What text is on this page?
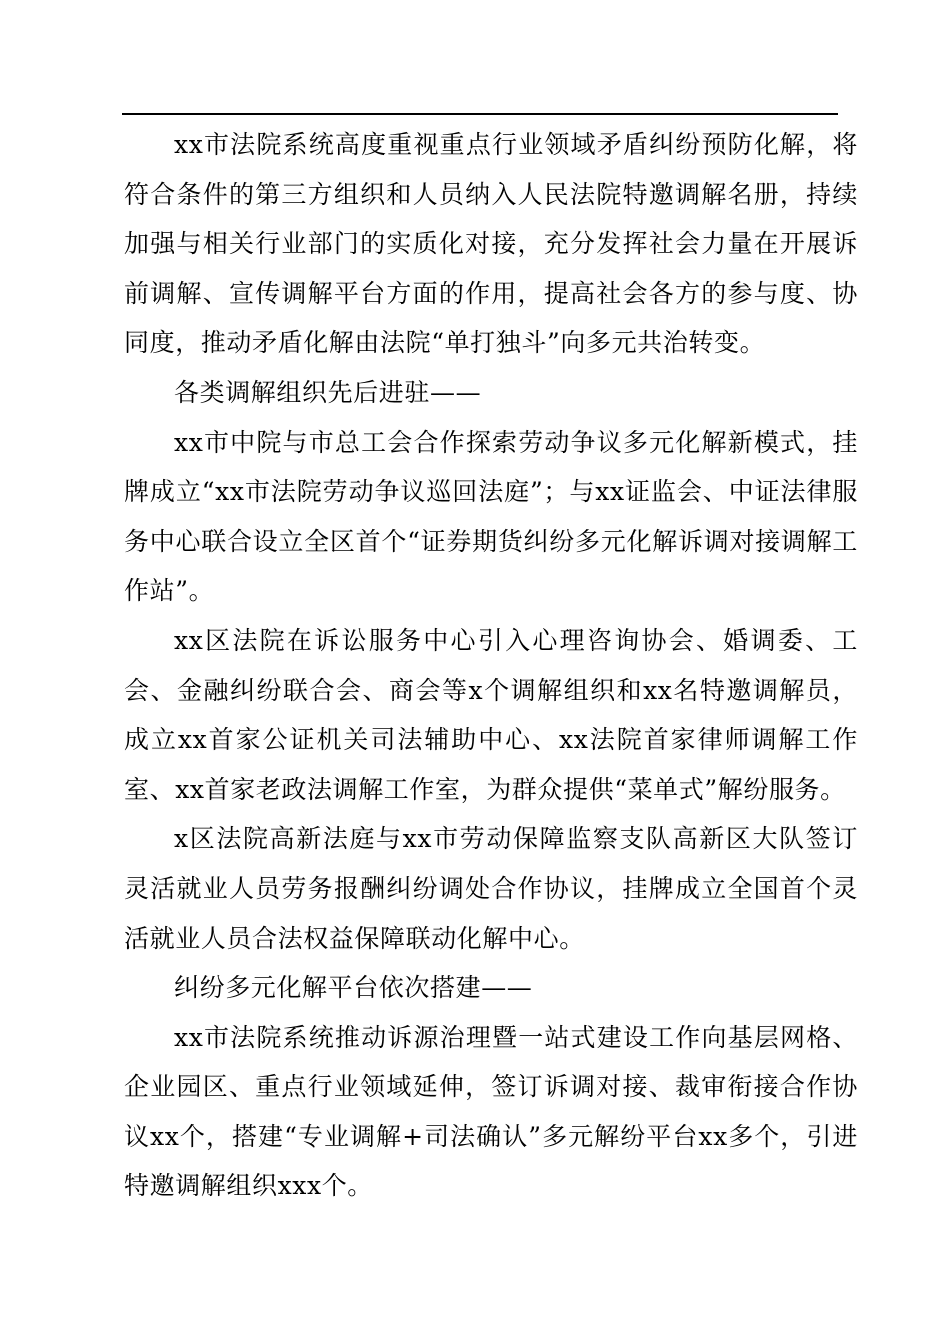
xx市法院系统高度重视重点行业领域矛盾纠纷预防化解，将符合条件的第三方组织和人员纳入人民法院特邀调解名册，持续加强与相关行业部门的实质化对接，充分发挥社会力量在开展诉前调解、宣传调解平台方面的作用，提高社会各方的参与度、协同度，推动矛盾化解由法院“单打独斗”向多元共治转变。

各类调解组织先后进驻——

xx市中院与市总工会合作探索劳动争议多元化解新模式，挂牌成立“xx市法院劳动争议巡回法庭”；与xx证监会、中证法律服务中心联合设立全区首个“证券期货纠纷多元化解诉调对接调解工作站”。

xx区法院在诉讼服务中心引入心理咨询协会、婚调委、工会、金融纠纷联合会、商会等x个调解组织和xx名特邀调解员，成立xx首家公证机关司法辅助中心、xx法院首家律师调解工作室、xx首家老政法调解工作室，为群众提供“菜单式”解纷服务。

x区法院高新法庭与xx市劳动保障监察支队高新区大队签订灵活就业人员劳务报酬纠纷调处合作协议，挂牌成立全国首个灵活就业人员合法权益保障联动化解中心。

纠纷多元化解平台依次搭建——

xx市法院系统推动诉源治理暨一站式建设工作向基层网格、企业园区、重点行业领域延伸，签订诉调对接、裁审衔接合作协议xx个，搭建“专业调解+司法确认”多元解纷平台xx多个，引进特邀调解组织xxx个。
